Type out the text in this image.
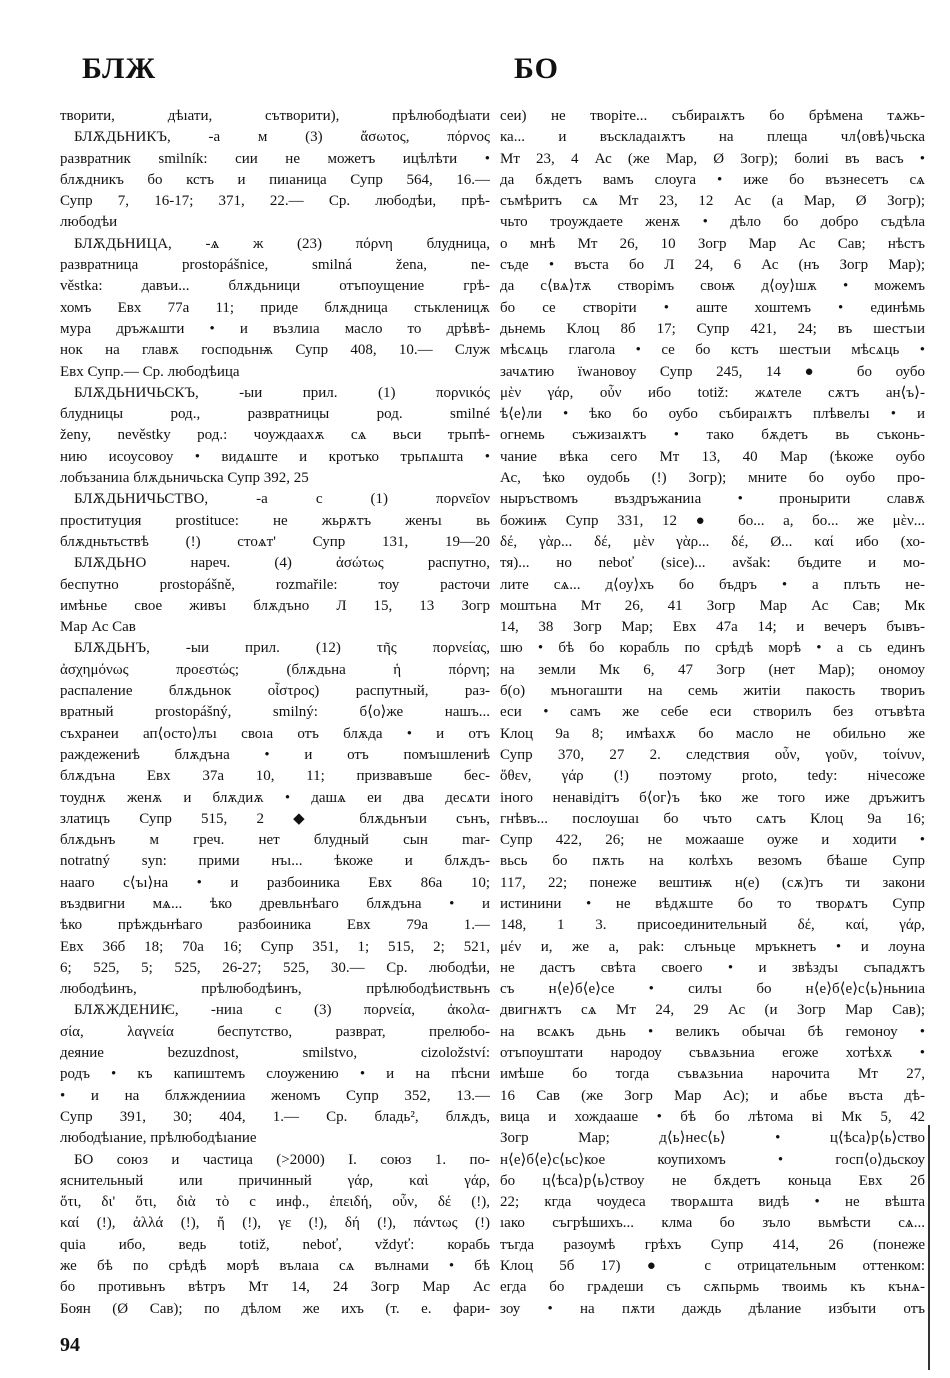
БЛЖ	БО
творити, дѣıати, сътворити), прѣлюбодѣıати
БЛѪДЬНИКЪ, -а м (3) ἄσωτος, πόρνος
развратник smilník: сии не можетъ ицѣлѣти •
блѫдникъ бо кстъ и пиıаница Супр 564, 16.—
Супр 7, 16-17; 371, 22.— Ср. любодѣи, прѣ-
любодѣи
БЛѪДЬНИЦА, -ѧ ж (23) πόρνη блудница,
развратница prostopášnice, smilná žena, ne-
věstka: давъи... блѫдьници отъпоущение грѣ-
хомъ Евх 77а 11; приде блѫдница стькленицѫ
мура дръжѧшти • и възлиıа масло то дрѣвѣ-
нок на главѫ господьнѭ Супр 408, 10.— Служ
Евх Супр.— Ср. любодѣица
БЛѪДЬНИЧЬСКЪ, -ыи прил. (1) πορνικός
блудницы род., развратницы род. smilné
ženy, nevěstky род.: чоуждаахѫ сѧ вьси трьпѣ-
нию исоусовоу • видѧште и кротъко трьпѧшта •
лобъзаниıа блѫдьничьска Супр 392, 25
БЛѪДЬНИЧЬСТВО, -а с (1) πορνεῖον
проституция prostituce: не жьрѫтъ женъı вь
блѫдньтьствѣ (!) стоѧт' Супр 131, 19—20
БЛѪДЬНО нареч. (4) ἀσώτως распутно,
беспутно prostopášně, rozmařile: тоу расточи
имѣнье свое живъı блѫдъно Л 15, 13 Зогр
Мар Ас Сав
БЛѪДЬНЪ, -ыи прил. (12) τῆς πορνείας,
ἀσχημόνως προεστώς; (блѫдьна ἡ πόρνη;
распаление блѫдьнок οἶστρος) распутный, раз-
вратный prostopášný, smilný: б⟨о⟩же нашъ...
съхранеи ап⟨осто⟩лъı своıа отъ блѫда • и отъ
раждежениѣ блѫдъна • и отъ помъıшлениѣ
блѫдъна Евх 37а 10, 11; призвавъше бес-
тоуднѫ женѫ и блѫдиѫ • дашѧ еи два десѧти
златицъ Супр 515, 2 ◆ блѫдьнъıи сънъ,
блѫдьнъ м греч. нет блудный сын mar-
notratný syn: прими нъı... ѣкоже и блѫдъ-
нааго с⟨ъı⟩на • и разбоиника Евх 86а 10;
въздвигни мѧ... ѣко древльнѣаго блѫдъна • и
ѣко прѣждьнѣаго разбоиника Евх 79а 1.—
Евх 36б 18; 70а 16; Супр 351, 1; 515, 2; 521,
6; 525, 5; 525, 26-27; 525, 30.— Ср. любодѣи,
любодѣинъ, прѣлюбодѣинъ, прѣлюбодѣиствьнъ
БЛѪЖДЕНИѤ, -ниıа с (3) πορνεία, ἀκολα-
σία, λαγνεία беспутство, разврат, прелюбо-
деяние bezuzdnost, smilstvo, cizoložství:
родъ • къ капиштемъ слоужению • и на пѣсни
• и на блѫжденииа женомъ Супр 352, 13.—
Супр 391, 30; 404, 1.— Ср. бладь², блѫдъ,
любодѣıание, прѣлюбодѣıание
БО союз и частица (>2000) I. союз 1. по-
яснительный или причинный γάρ, καὶ γάρ,
ὅτι, δι' ὅτι, διὰ τὸ с инф., ἐπειδή, οὖν, δέ (!),
καί (!), ἀλλά (!), ἤ (!), γε (!), δή (!), πάντως (!)
quia ибо, ведь totiž, neboť, vždyť: корабь
же бѣ по срѣдѣ морѣ вълаıа сѧ вълнами • бѣ
бо противьнъ вѣтръ Мт 14, 24 Зогр Мар Ас
Боян (Ø Сав); по дѣлом же ихъ (т. е. фари-
сеи) не творіте... събираıѫтъ бо брѣмена тѧжь-
ка... и въскладаıѫтъ на плеща чл⟨овѣ⟩чьска
Мт 23, 4 Ас (же Мар, Ø Зогр); болиі въ васъ •
да бѫдетъ вамъ слоуга • иже бо възнесетъ сѧ
съмѣритъ сѧ Мт 23, 12 Ас (а Мар, Ø Зогр);
чьто троуждаете женѫ • дѣло бо добро съдѣла
о мнѣ Мт 26, 10 Зогр Мар Ас Сав; нѣстъ
съде • въста бо Л 24, 6 Ас (нъ Зогр Мар);
да с⟨вѧ⟩тѫ створімъ своѭ д⟨оу⟩шѫ • можемъ
бо се створіти • аште хоштемъ • единѣмь
дьнемь Клоц 8б 17; Супр 421, 24; въ шестъıи
мѣсѧць глагола • се бо кстъ шестъıи мѣсѧць •
зачѧтию їwановоу Супр 245, 14 ● бо оубо
μὲν γάρ, οὖν ибо totiž: жѧтеле сѫтъ ан⟨ъ⟩-
ѣ⟨е⟩ли • ѣко бо оубо събираıѫтъ плѣвелъı • и
огнемь съжизаıѫтъ • тако бѫдетъ вь съконь-
чание вѣка сего Мт 13, 40 Мар (ѣкоже оубо
Ас, ѣко оудобь (!) Зогр); мните бо оубо про-
ныръствомъ въздръжаниıа • проныpити славѫ
божиѭ Супр 331, 12 ● бо... а, бо... же μὲν...
δέ, γὰρ... δέ, μὲν γὰρ... δέ, Ø... καί ибо (хо-
тя)... но neboť (sice)... avšak: бъдите и мо-
лите сѧ... д⟨оу⟩хъ бо бъдръ • а плъть не-
моштьна Мт 26, 41 Зогр Мар Ас Сав; Мк
14, 38 Зогр Мар; Евх 47а 14; и вечеръ бъıвъ-
шю • бѣ бо корабль по срѣдѣ морѣ • а сь единъ
на земли Мк 6, 47 Зогр (нет Мар); ономоу
б(о) мъногашти на семь житіи пакость твориъ
еси • самъ же себе еси створилъ без отъвѣта
Клоц 9а 8; имѣахѫ бо масло не обильно же
Супр 370, 27 2. следствия οὖν, γοῦν, τοίνυν,
ὅθεν, γάρ (!) поэтому proto, tedy: нічесоже
іного ненавідітъ б⟨ог⟩ъ ѣко же того иже дръжитъ
гнѣвъ... послоушаı бо чъто сѧтъ Клоц 9а 16;
Супр 422, 26; не можааше оуже и ходити •
вьсь бо пѫть на колѣхъ везомъ бѣаше Супр
117, 22; понеже вештиѭ н(е) (сѫ)тъ ти закони
истинини • не вѣдѫште бо то творѧтъ Супр
148, 1 3. присоединительный δέ, καί, γάρ,
μέν и, же а, pak: слъньце мръкнетъ • и лоуна
не дастъ свѣта своего • и звѣздъı съпадѫтъ
съ н⟨е⟩б⟨е⟩се • силъı бо н⟨е⟩б⟨е⟩с⟨ь⟩ньниıа
двигнѫтъ сѧ Мт 24, 29 Ас (и Зогр Мар Сав);
на всѧкъ дьнь • великъ обычаı бѣ гемоноу •
отъпоуштати народоу съвѧзьниа егоже хотѣхѫ •
имѣше бо тогда съвѧзьниа нарочита Мт 27,
16 Сав (же Зогр Мар Ас); и абье въста дѣ-
вица и хождааше • бѣ бо лѣтома ві Мк 5, 42
Зогр Мар; д⟨ь⟩нес⟨ь⟩ • ц⟨ѣса⟩р⟨ь⟩ство
н⟨е⟩б⟨е⟩с⟨ьс⟩кое коупихомъ • госп⟨о⟩дьскоу
бо ц⟨ѣса⟩р⟨ь⟩ствоу не бѫдетъ коньца Евх 2б
22; кгда чоудеса творѧшта видѣ • не вѣшта
ıако съгрѣшихъ... клма бо зъло вьмѣсти сѧ...
тъгда разоумѣ грѣхъ Супр 414, 26 (понеже
Клоц 5б 17) ● с отрицательным оттенком:
егда бо грѧдеши съ сѫпьрмь твоимь къ кънѧ-
зоу • на пѫти даждь дѣлание избъıти отъ
94
